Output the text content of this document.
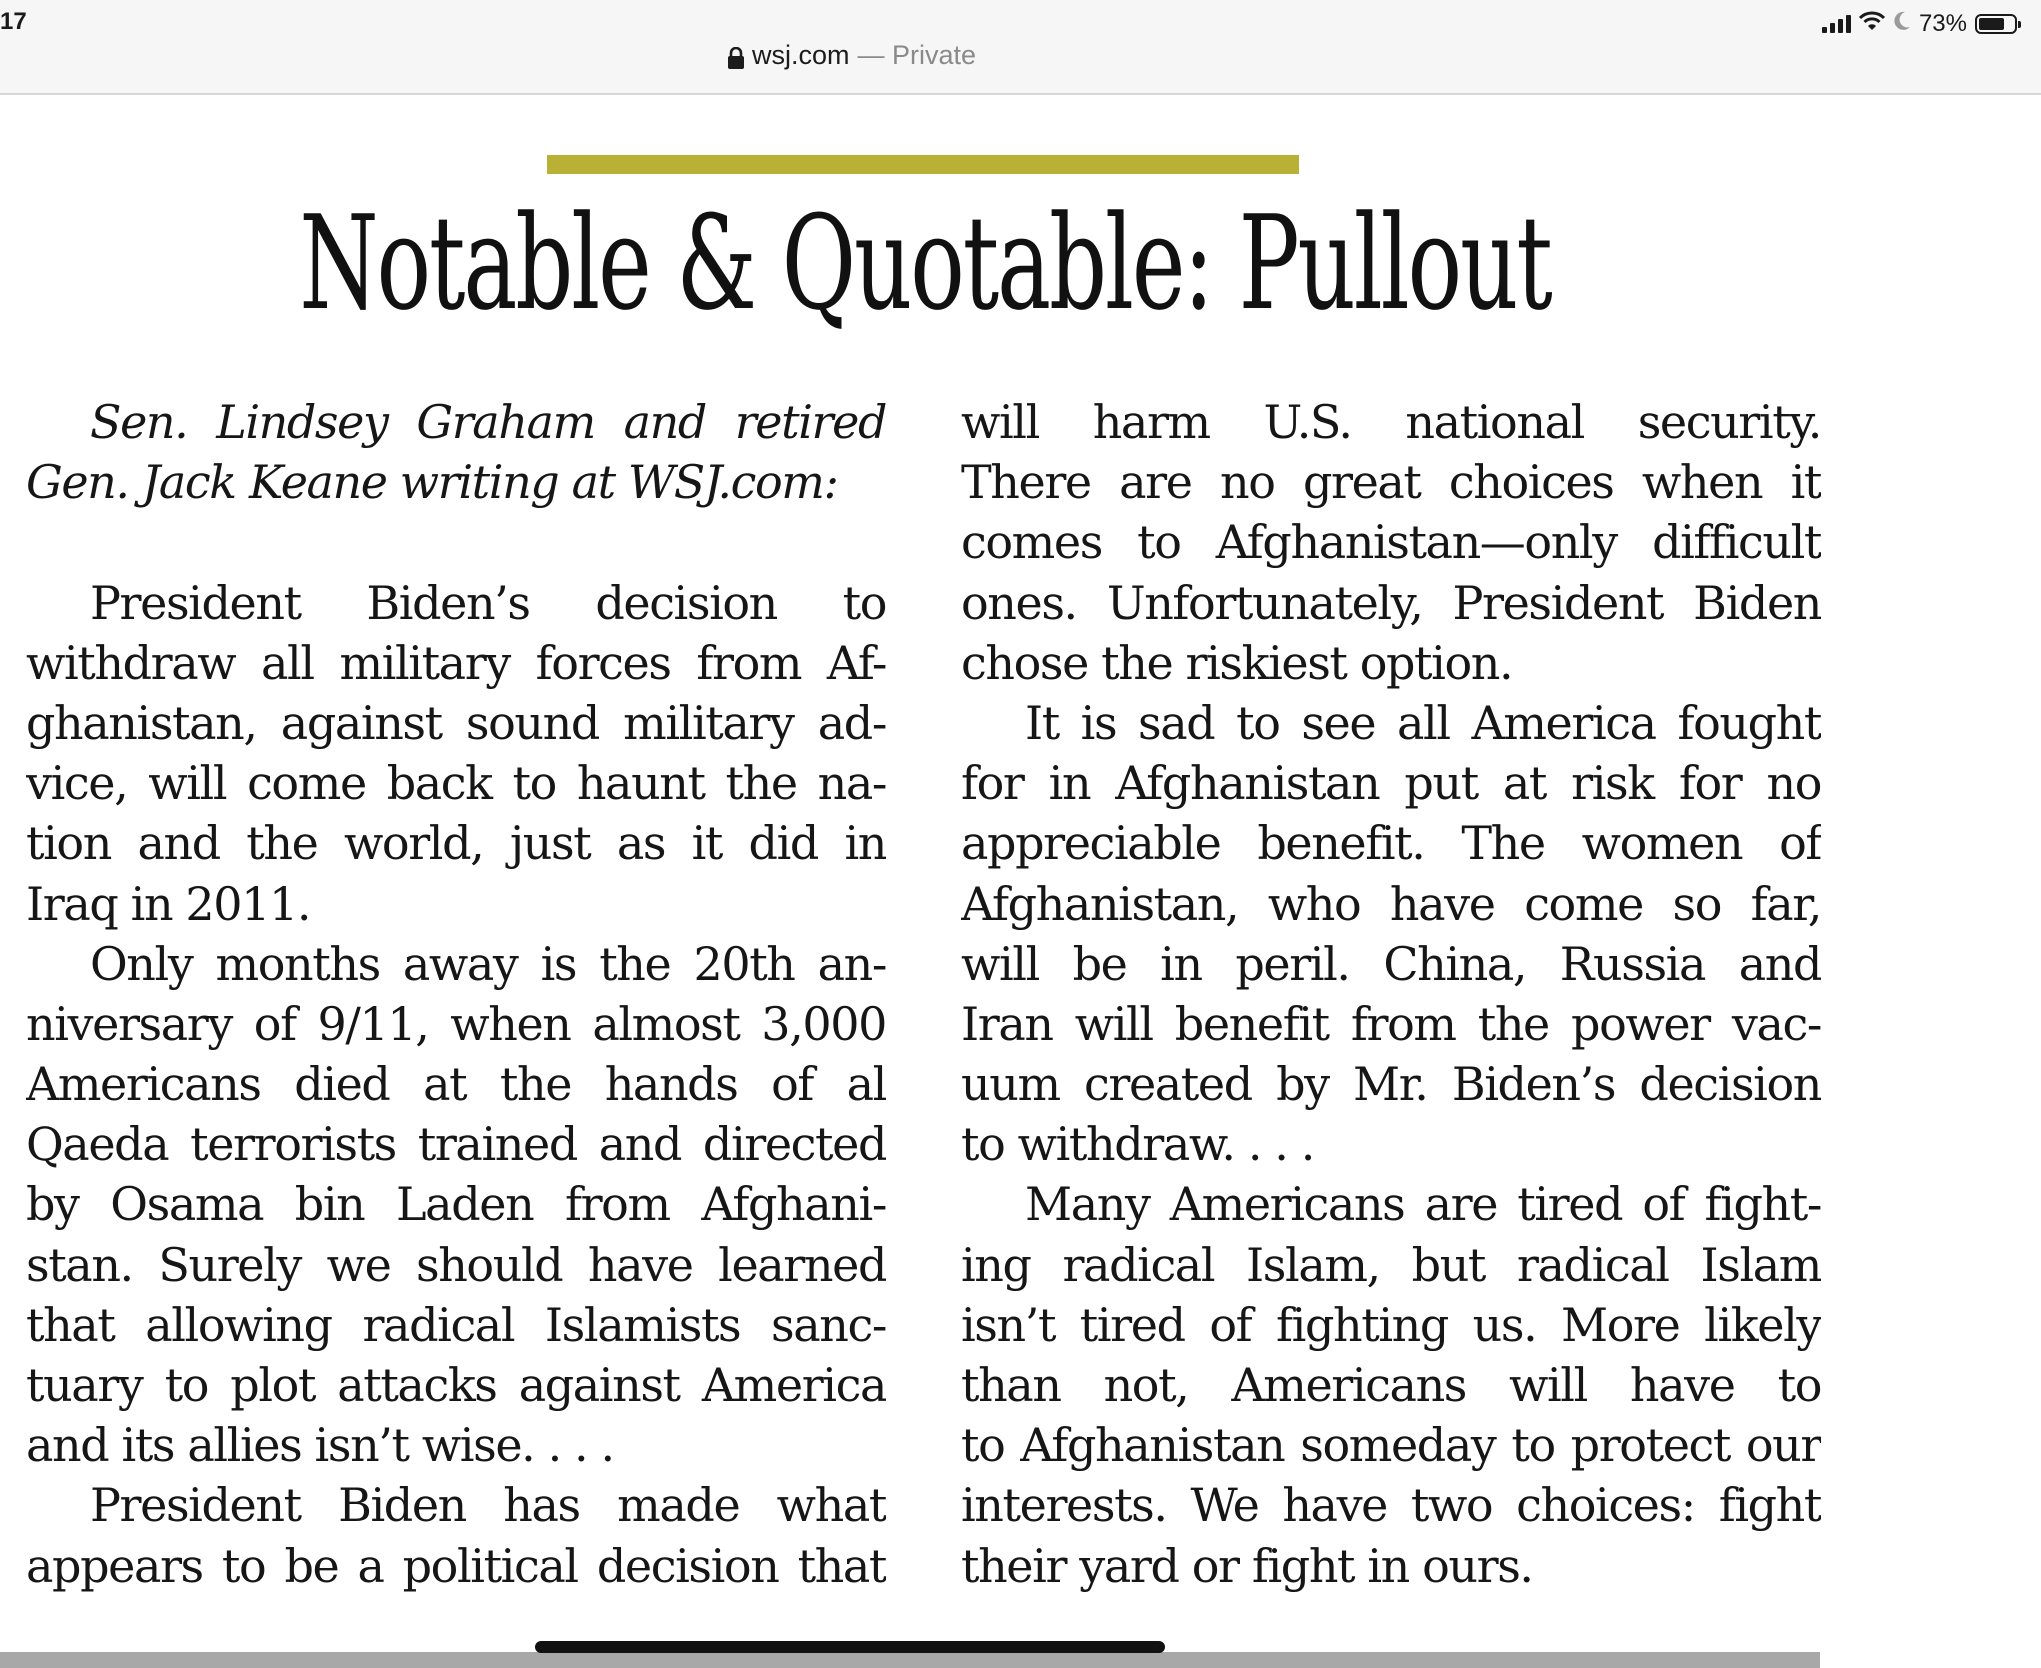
17
wsj.com — Private
73%
Notable & Quotable: Pullout
Sen. Lindsey Graham and retired
Gen. Jack Keane writing at WSJ.com:

President Biden’s decision to
withdraw all military forces from Af-
ghanistan, against sound military ad-
vice, will come back to haunt the na-
tion and the world, just as it did in
Iraq in 2011.
Only months away is the 20th an-
niversary of 9/11, when almost 3,000
Americans died at the hands of al
Qaeda terrorists trained and directed
by Osama bin Laden from Afghani-
stan. Surely we should have learned
that allowing radical Islamists sanc-
tuary to plot attacks against America
and its allies isn’t wise. . . .
President Biden has made what
appears to be a political decision that
will harm U.S. national security.
There are no great choices when it
comes to Afghanistan—only difficult
ones. Unfortunately, President Biden
chose the riskiest option.
It is sad to see all America fought
for in Afghanistan put at risk for no
appreciable benefit. The women of
Afghanistan, who have come so far,
will be in peril. China, Russia and
Iran will benefit from the power vac-
uum created by Mr. Biden’s decision
to withdraw. . . .
Many Americans are tired of fight-
ing radical Islam, but radical Islam
isn’t tired of fighting us. More likely
than not, Americans will have to
to Afghanistan someday to protect our
interests. We have two choices: fight
their yard or fight in ours.
